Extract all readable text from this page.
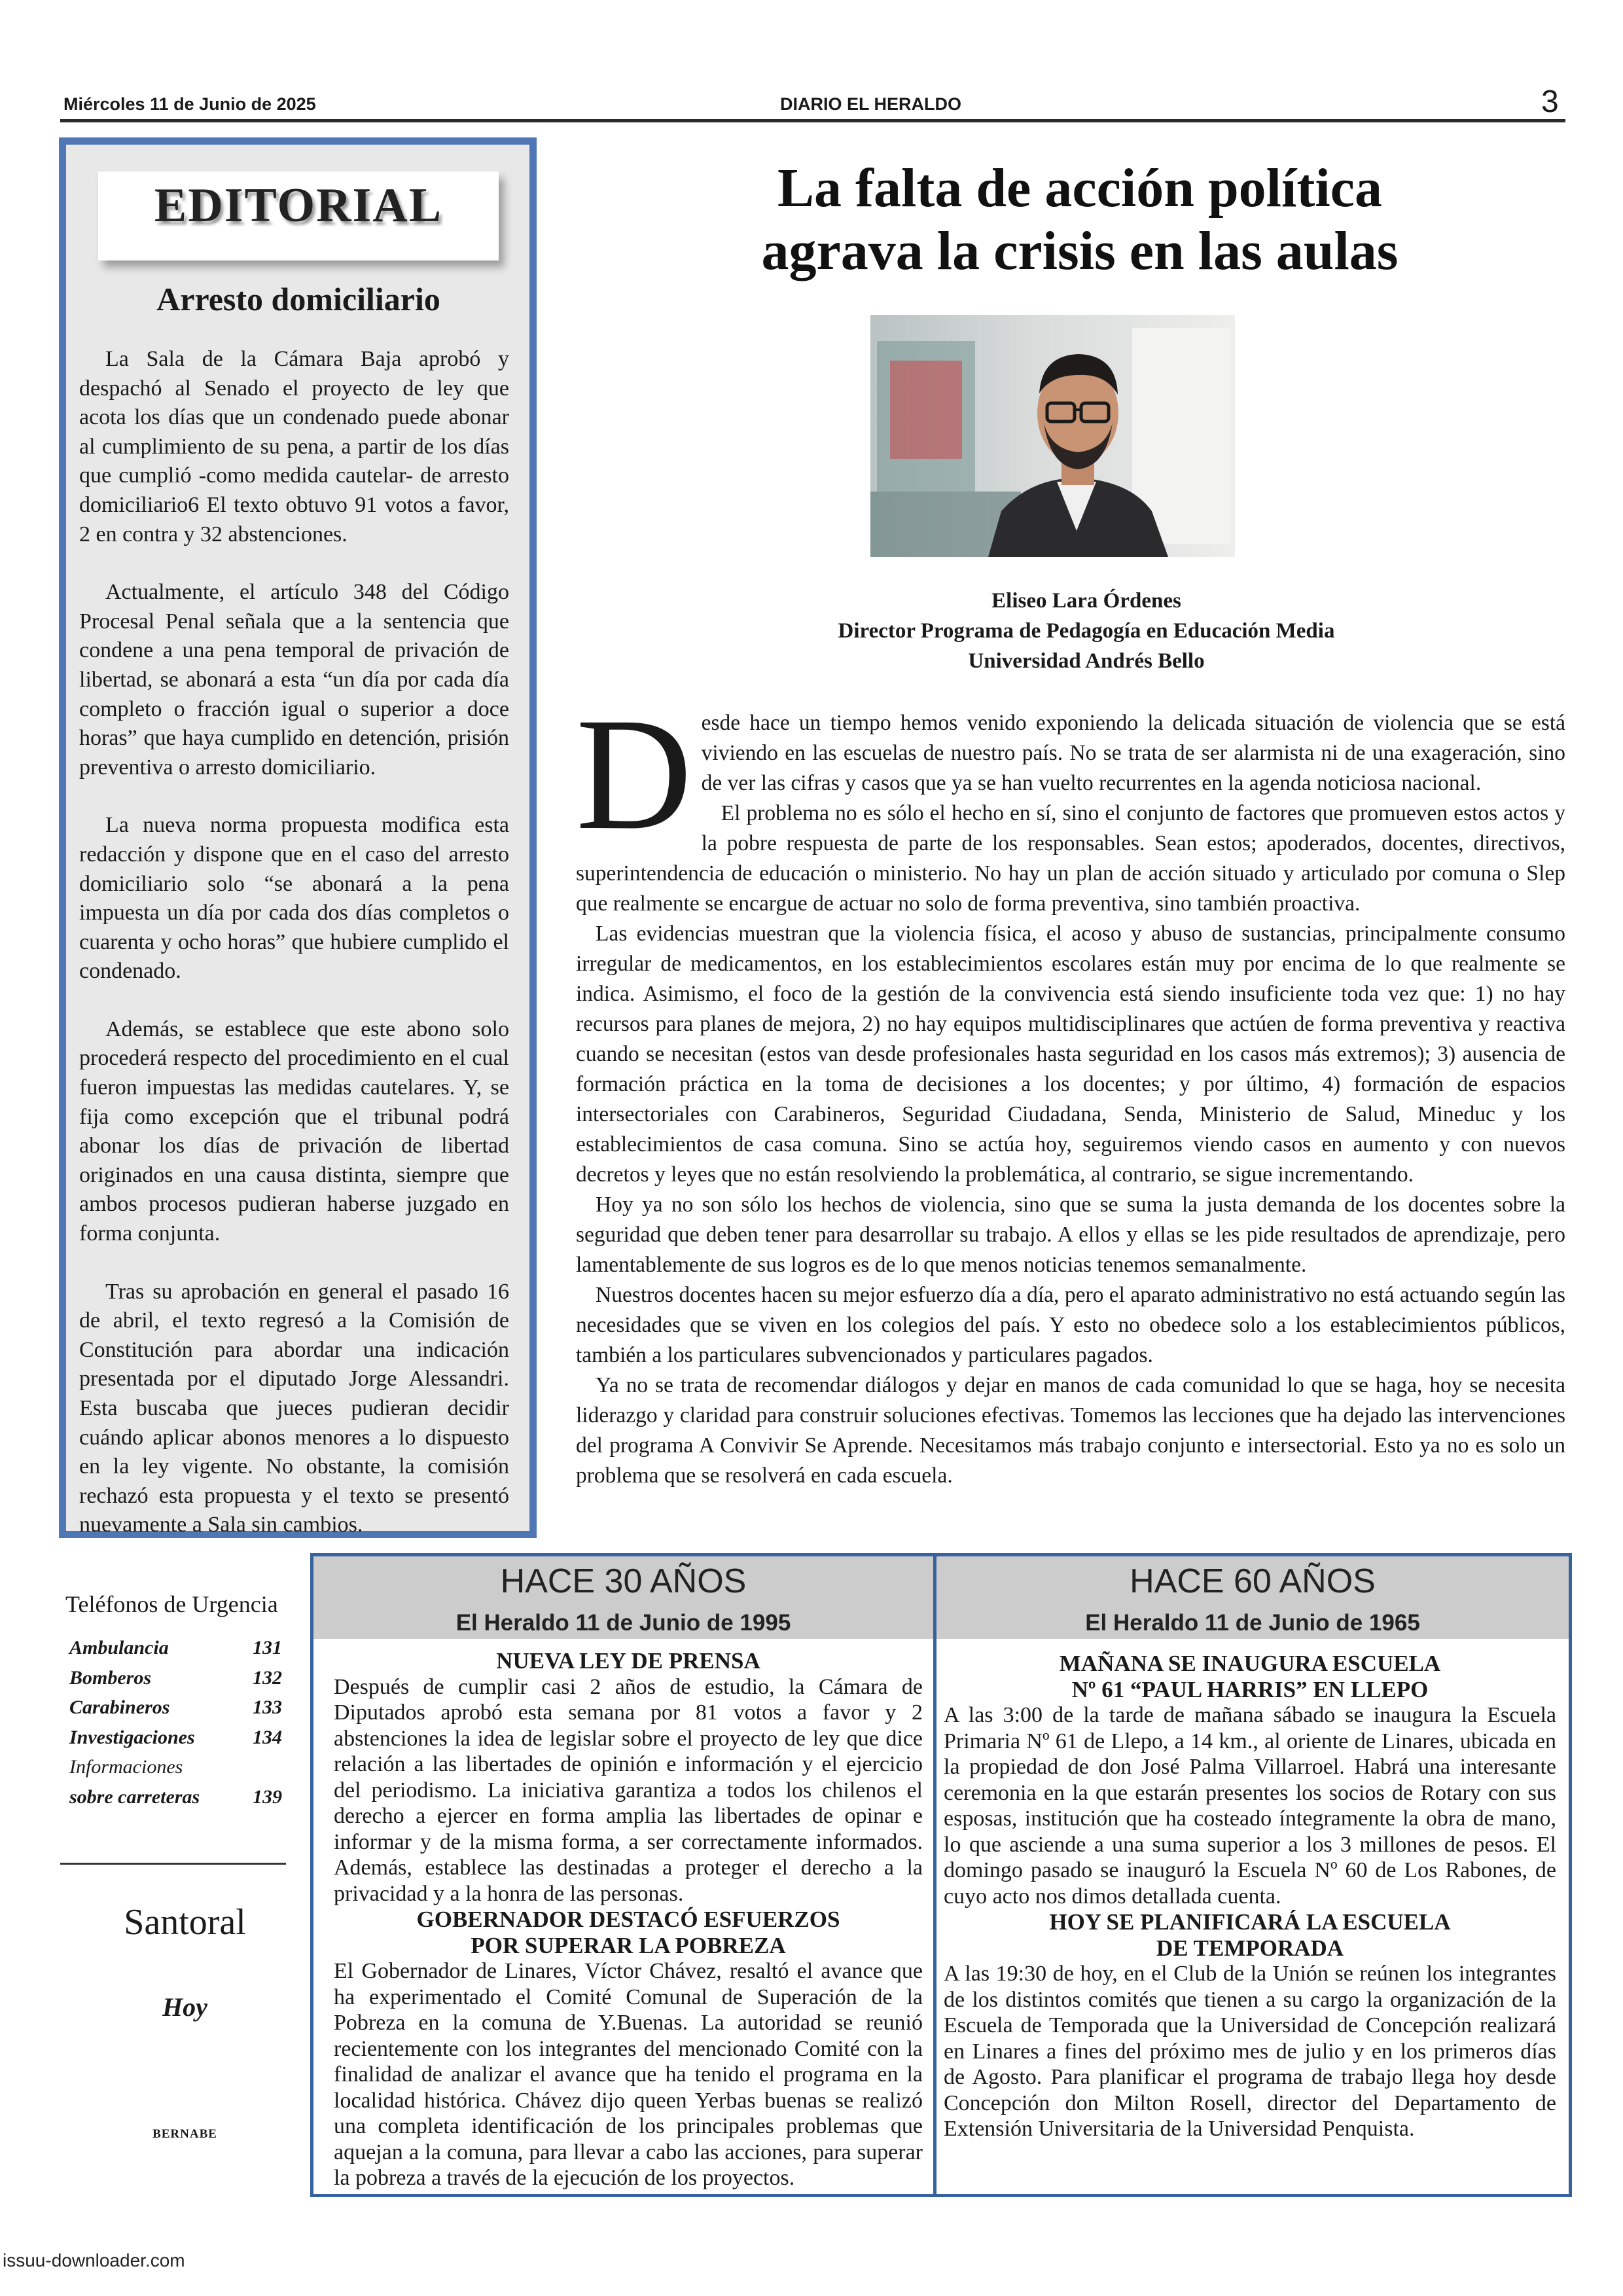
Miércoles 11 de Junio de 2025	DIARIO EL HERALDO	3
EDITORIAL
Arresto domiciliario

La Sala de la Cámara Baja aprobó y despachó al Senado el proyecto de ley que acota los días que un condenado puede abonar al cumplimiento de su pena, a partir de los días que cumplió -como medida cautelar- de arresto domiciliario6 El texto obtuvo 91 votos a favor, 2 en contra y 32 abstenciones.

Actualmente, el artículo 348 del Código Procesal Penal señala que a la sentencia que condene a una pena temporal de privación de libertad, se abonará a esta “un día por cada día completo o fracción igual o superior a doce horas” que haya cumplido en detención, prisión preventiva o arresto domiciliario.

La nueva norma propuesta modifica esta redacción y dispone que en el caso del arresto domiciliario solo “se abonará a la pena impuesta un día por cada dos días completos o cuarenta y ocho horas” que hubiere cumplido el condenado.

Además, se establece que este abono solo procederá respecto del procedimiento en el cual fueron impuestas las medidas cautelares. Y, se fija como excepción que el tribunal podrá abonar los días de privación de libertad originados en una causa distinta, siempre que ambos procesos pudieran haberse juzgado en forma conjunta.

Tras su aprobación en general el pasado 16 de abril, el texto regresó a la Comisión de Constitución para abordar una indicación presentada por el diputado Jorge Alessandri. Esta buscaba que jueces pudieran decidir cuándo aplicar abonos menores a lo dispuesto en la ley vigente. No obstante, la comisión rechazó esta propuesta y el texto se presentó nuevamente a Sala sin cambios.

La falta de acción política
agrava la crisis en las aulas
Eliseo Lara Órdenes
Director Programa de Pedagogía en Educación Media
Universidad Andrés Bello

Desde hace un tiempo hemos venido exponiendo la delicada situación de violencia que se está viviendo en las escuelas de nuestro país. No se trata de ser alarmista ni de una exageración, sino de ver las cifras y casos que ya se han vuelto recurrentes en la agenda noticiosa nacional.

El problema no es sólo el hecho en sí, sino el conjunto de factores que promueven estos actos y la pobre respuesta de parte de los responsables. Sean estos; apoderados, docentes, directivos, superintendencia de educación o ministerio. No hay un plan de acción situado y articulado por comuna o Slep que realmente se encargue de actuar no solo de forma preventiva, sino también proactiva.

Las evidencias muestran que la violencia física, el acoso y abuso de sustancias, principalmente consumo irregular de medicamentos, en los establecimientos escolares están muy por encima de lo que realmente se indica. Asimismo, el foco de la gestión de la convivencia está siendo insuficiente toda vez que: 1) no hay recursos para planes de mejora, 2) no hay equipos multidisciplinares que actúen de forma preventiva y reactiva cuando se necesitan (estos van desde profesionales hasta seguridad en los casos más extremos); 3) ausencia de formación práctica en la toma de decisiones a los docentes; y por último, 4) formación de espacios intersectoriales con Carabineros, Seguridad Ciudadana, Senda, Ministerio de Salud, Mineduc y los establecimientos de casa comuna. Sino se actúa hoy, seguiremos viendo casos en aumento y con nuevos decretos y leyes que no están resolviendo la problemática, al contrario, se sigue incrementando.

Hoy ya no son sólo los hechos de violencia, sino que se suma la justa demanda de los docentes sobre la seguridad que deben tener para desarrollar su trabajo. A ellos y ellas se les pide resultados de aprendizaje, pero lamentablemente de sus logros es de lo que menos noticias tenemos semanalmente.

Nuestros docentes hacen su mejor esfuerzo día a día, pero el aparato administrativo no está actuando según las necesidades que se viven en los colegios del país. Y esto no obedece solo a los establecimientos públicos, también a los particulares subvencionados y particulares pagados.

Ya no se trata de recomendar diálogos y dejar en manos de cada comunidad lo que se haga, hoy se necesita liderazgo y claridad para construir soluciones efectivas. Tomemos las lecciones que ha dejado las intervenciones del programa A Convivir Se Aprende. Necesitamos más trabajo conjunto e intersectorial. Esto ya no es solo un problema que se resolverá en cada escuela.

Teléfonos de Urgencia
Ambulancia	131
Bomberos	132
Carabineros	133
Investigaciones	134
Informaciones
sobre carreteras	139
Santoral
Hoy
BERNABE
HACE 30 AÑOS
El Heraldo 11 de Junio de 1995
HACE 60 AÑOS
El Heraldo 11 de Junio de 1965
NUEVA LEY DE PRENSA
Después de cumplir casi 2 años de estudio, la Cámara de Diputados aprobó esta semana por 81 votos a favor y 2 abstenciones la idea de legislar sobre el proyecto de ley que dice relación a las libertades de opinión e información y el ejercicio del periodismo. La iniciativa garantiza a todos los chilenos el derecho a ejercer en forma amplia las libertades de opinar e informar y de la misma forma, a ser correctamente informados. Además, establece las destinadas a proteger el derecho a la privacidad y a la honra de las personas.
GOBERNADOR DESTACÓ ESFUERZOS
POR SUPERAR LA POBREZA
El Gobernador de Linares, Víctor Chávez, resaltó el avance que ha experimentado el Comité Comunal de Superación de la Pobreza en la comuna de Y.Buenas. La autoridad se reunió recientemente con los integrantes del mencionado Comité con la finalidad de analizar el avance que ha tenido el programa en la localidad histórica. Chávez dijo queen Yerbas buenas se realizó una completa identificación de los principales problemas que aquejan a la comuna, para llevar a cabo las acciones, para superar la pobreza a través de la ejecución de los proyectos.
MAÑANA SE INAUGURA ESCUELA
Nº 61 “PAUL HARRIS” EN LLEPO
A las 3:00 de la tarde de mañana sábado se inaugura la Escuela Primaria Nº 61 de Llepo, a 14 km., al oriente de Linares, ubicada en la propiedad de don José Palma Villarroel. Habrá una interesante ceremonia en la que estarán presentes los socios de Rotary con sus esposas, institución que ha costeado íntegramente la obra de mano, lo que asciende a una suma superior a los 3 millones de pesos. El domingo pasado se inauguró la Escuela Nº 60 de Los Rabones, de cuyo acto nos dimos detallada cuenta.
HOY SE PLANIFICARÁ LA ESCUELA
DE TEMPORADA
A las 19:30 de hoy, en el Club de la Unión se reúnen los integrantes de los distintos comités que tienen a su cargo la organización de la Escuela de Temporada que la Universidad de Concepción realizará en Linares a fines del próximo mes de julio y en los primeros días de Agosto. Para planificar el programa de trabajo llega hoy desde Concepción don Milton Rosell, director del Departamento de Extensión Universitaria de la Universidad Penquista.
issuu-downloader.com
